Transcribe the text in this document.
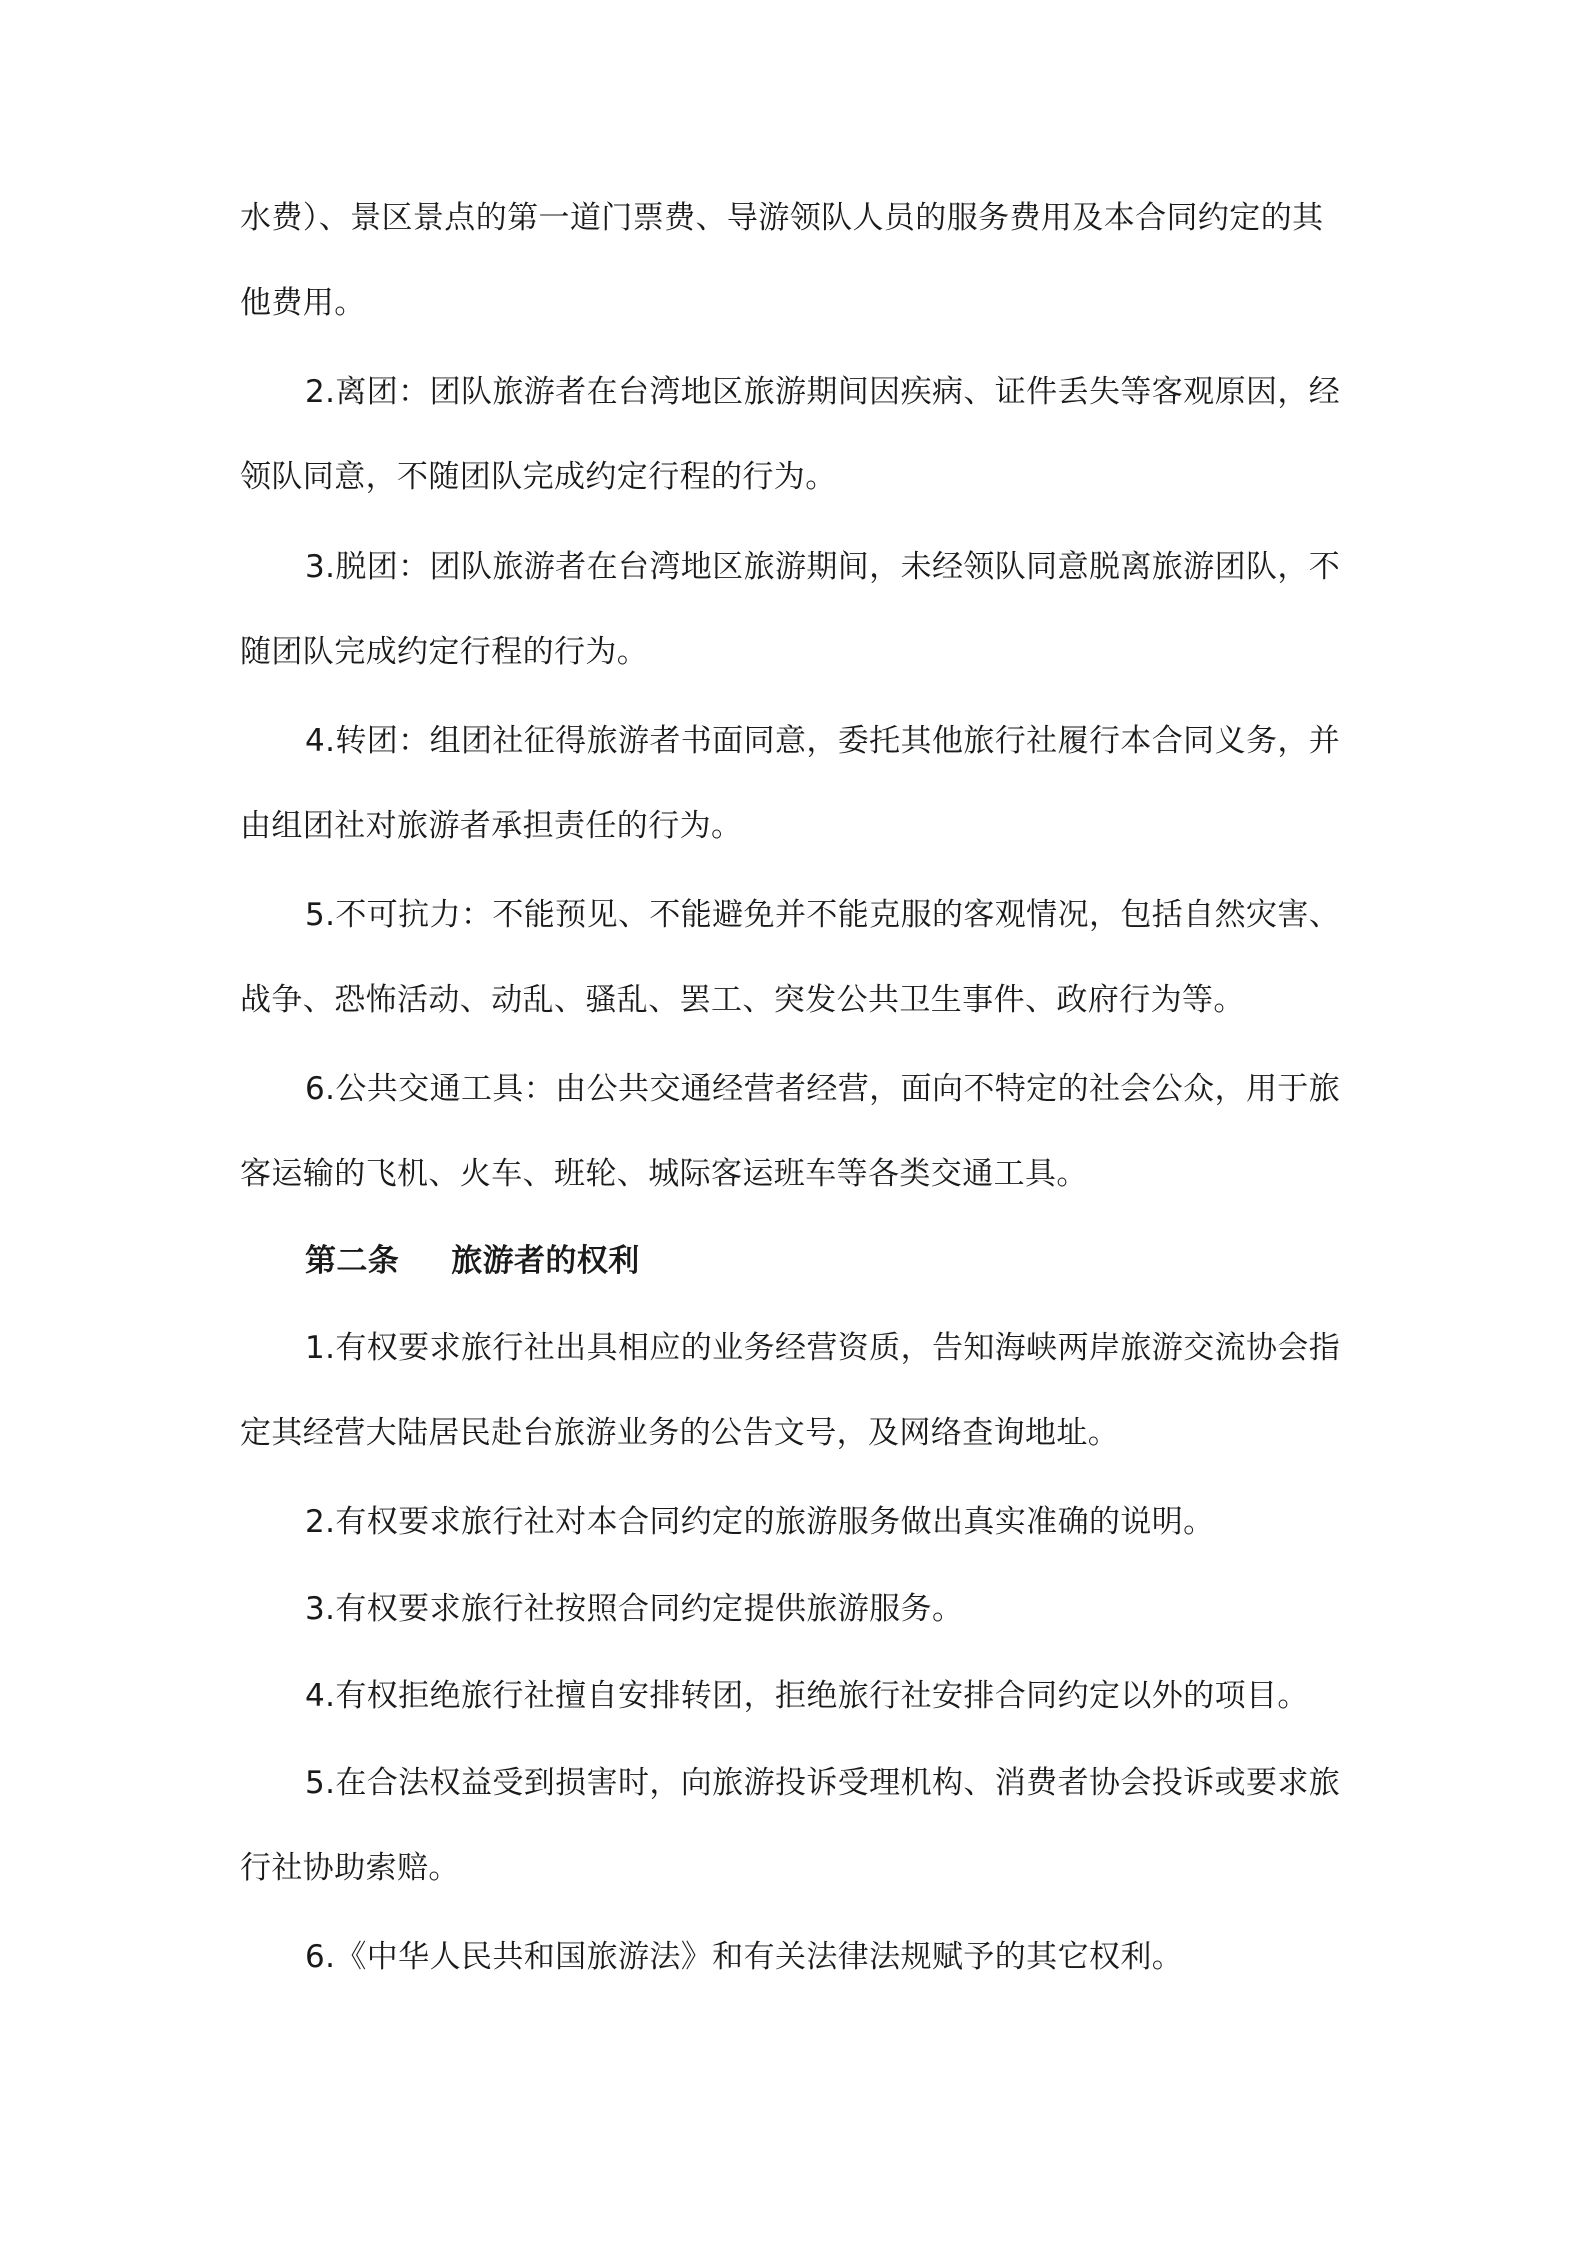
水费）、景区景点的第一道门票费、导游领队人员的服务费用及本合同约定的其
他费用。
2.离团：团队旅游者在台湾地区旅游期间因疾病、证件丢失等客观原因，经
领队同意，不随团队完成约定行程的行为。
3.脱团：团队旅游者在台湾地区旅游期间，未经领队同意脱离旅游团队，不
随团队完成约定行程的行为。
4.转团：组团社征得旅游者书面同意，委托其他旅行社履行本合同义务，并
由组团社对旅游者承担责任的行为。
5.不可抗力：不能预见、不能避免并不能克服的客观情况，包括自然灾害、
战争、恐怖活动、动乱、骚乱、罢工、突发公共卫生事件、政府行为等。
6.公共交通工具：由公共交通经营者经营，面向不特定的社会公众，用于旅
客运输的飞机、火车、班轮、城际客运班车等各类交通工具。
第二条 旅游者的权利
1.有权要求旅行社出具相应的业务经营资质，告知海峡两岸旅游交流协会指
定其经营大陆居民赴台旅游业务的公告文号，及网络查询地址。
2.有权要求旅行社对本合同约定的旅游服务做出真实准确的说明。
3.有权要求旅行社按照合同约定提供旅游服务。
4.有权拒绝旅行社擅自安排转团，拒绝旅行社安排合同约定以外的项目。
5.在合法权益受到损害时，向旅游投诉受理机构、消费者协会投诉或要求旅
行社协助索赔。
6.《中华人民共和国旅游法》和有关法律法规赋予的其它权利。
